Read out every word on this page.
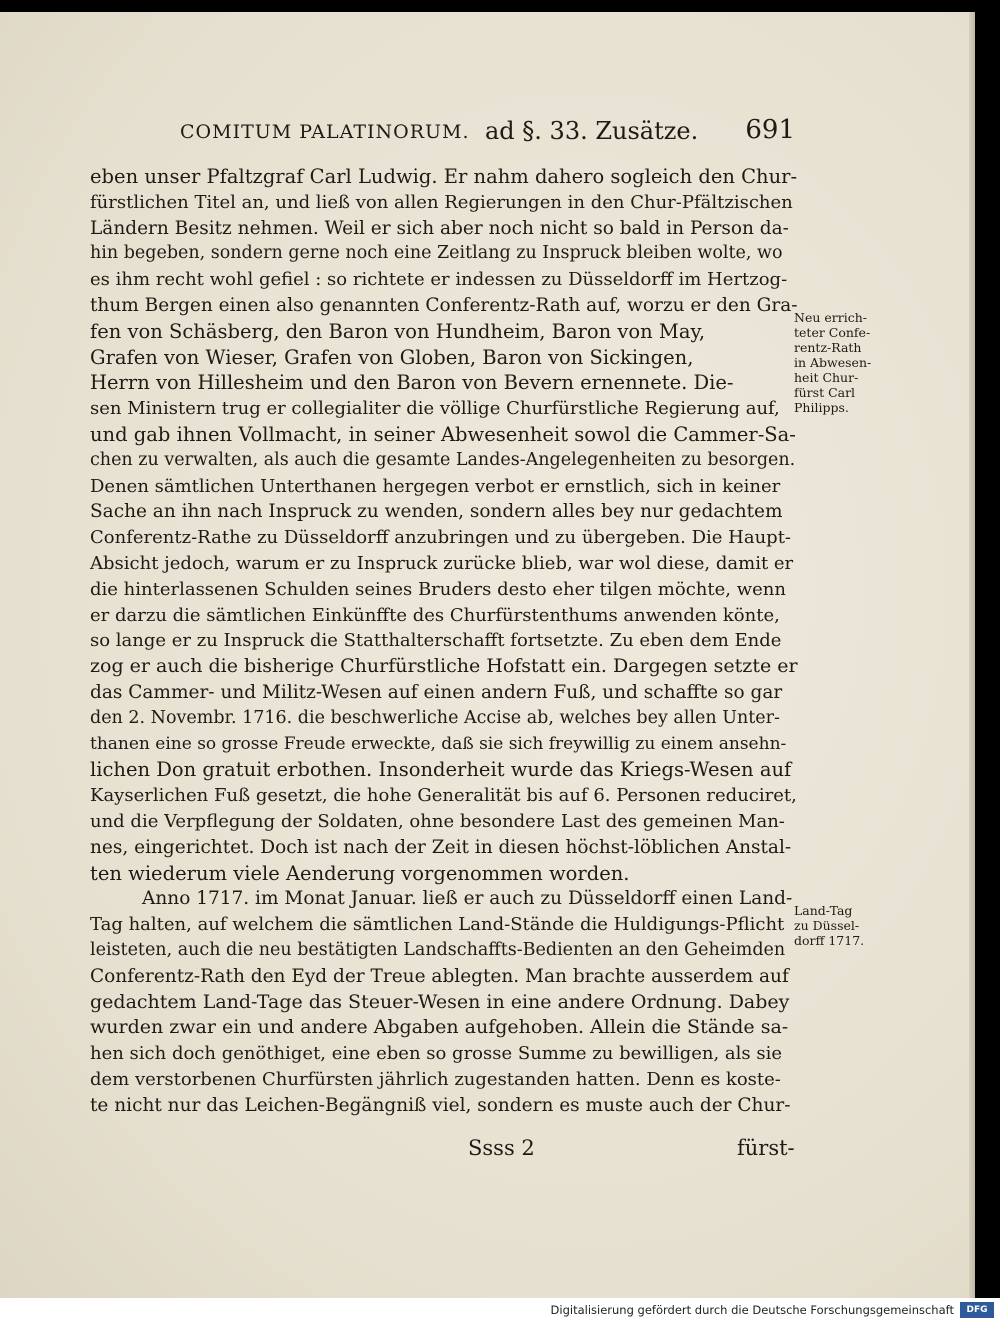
COMITUM PALATINORUM. ad §. 33. Zusätze. 691
eben unser Pfaltzgraf Carl Ludwig. Er nahm dahero sogleich den Chur-
fürstlichen Titel an, und ließ von allen Regierungen in den Chur-Pfältzischen
Ländern Besitz nehmen. Weil er sich aber noch nicht so bald in Person da-
hin begeben, sondern gerne noch eine Zeitlang zu Inspruck bleiben wolte, wo
es ihm recht wohl gefiel : so richtete er indessen zu Düsseldorff im Hertzog-
thum Bergen einen also genannten Conferentz-Rath auf, worzu er den Gra-
fen von Schäsberg, den Baron von Hundheim, Baron von May,
Grafen von Wieser, Grafen von Globen, Baron von Sickingen,
Herrn von Hillesheim und den Baron von Bevern ernennete. Die-
sen Ministern trug er collegialiter die völlige Churfürstliche Regierung auf,
und gab ihnen Vollmacht, in seiner Abwesenheit sowol die Cammer-Sa-
chen zu verwalten, als auch die gesamte Landes-Angelegenheiten zu besorgen.
Denen sämtlichen Unterthanen hergegen verbot er ernstlich, sich in keiner
Sache an ihn nach Inspruck zu wenden, sondern alles bey nur gedachtem
Conferentz-Rathe zu Düsseldorff anzubringen und zu übergeben. Die Haupt-
Absicht jedoch, warum er zu Inspruck zurücke blieb, war wol diese, damit er
die hinterlassenen Schulden seines Bruders desto eher tilgen möchte, wenn
er darzu die sämtlichen Einkünffte des Churfürstenthums anwenden könte,
so lange er zu Inspruck die Statthalterschafft fortsetzte. Zu eben dem Ende
zog er auch die bisherige Churfürstliche Hofstatt ein. Dargegen setzte er
das Cammer- und Militz-Wesen auf einen andern Fuß, und schaffte so gar
den 2. Novembr. 1716. die beschwerliche Accise ab, welches bey allen Unter-
thanen eine so grosse Freude erweckte, daß sie sich freywillig zu einem ansehn-
lichen Don gratuit erbothen. Insonderheit wurde das Kriegs-Wesen auf
Kayserlichen Fuß gesetzt, die hohe Generalität bis auf 6. Personen reduciret,
und die Verpflegung der Soldaten, ohne besondere Last des gemeinen Man-
nes, eingerichtet. Doch ist nach der Zeit in diesen höchst-löblichen Anstal-
ten wiederum viele Aenderung vorgenommen worden.
Anno 1717. im Monat Januar. ließ er auch zu Düsseldorff einen Land-
Tag halten, auf welchem die sämtlichen Land-Stände die Huldigungs-Pflicht
leisteten, auch die neu bestätigten Landschaffts-Bedienten an den Geheimden
Conferentz-Rath den Eyd der Treue ablegten. Man brachte ausserdem auf
gedachtem Land-Tage das Steuer-Wesen in eine andere Ordnung. Dabey
wurden zwar ein und andere Abgaben aufgehoben. Allein die Stände sa-
hen sich doch genöthiget, eine eben so grosse Summe zu bewilligen, als sie
dem verstorbenen Churfürsten jährlich zugestanden hatten. Denn es koste-
te nicht nur das Leichen-Begängniß viel, sondern es muste auch der Chur-
Neu errich-
teter Confe-
rentz-Rath
in Abwesen-
heit Chur-
fürst Carl
Philipps.
Land-Tag
zu Düssel-
dorff 1717.
Ssss 2	fürst-
Digitalisierung gefördert durch die Deutsche Forschungsgemeinschaft	DFG
